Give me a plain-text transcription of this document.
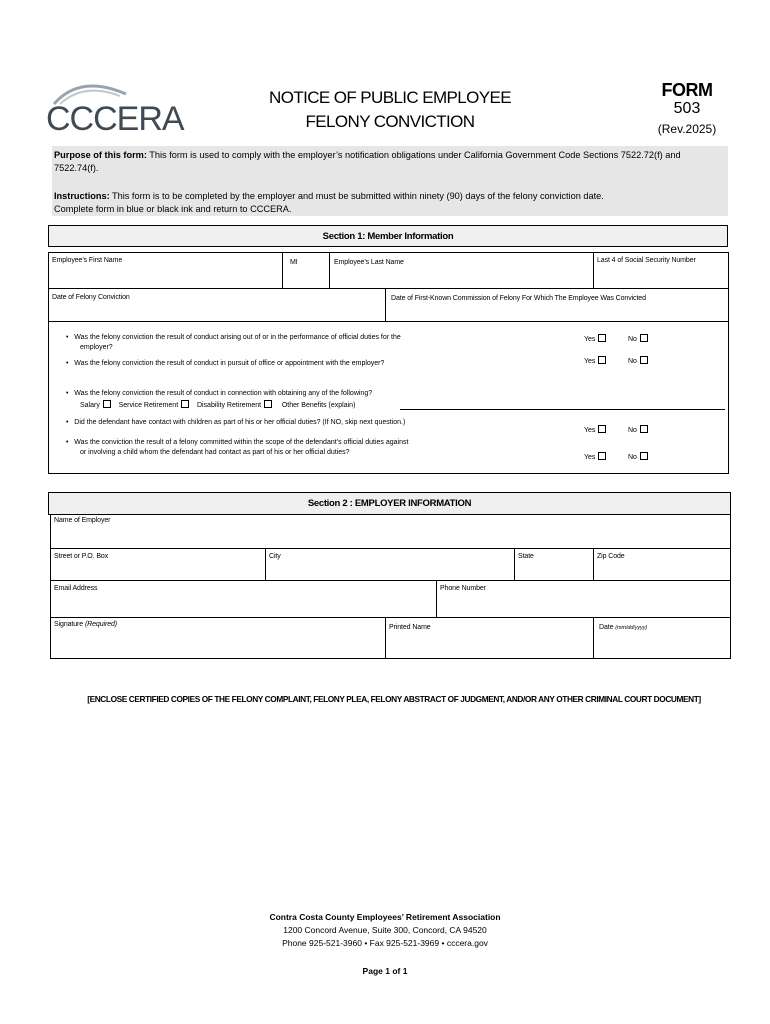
CCCERA
NOTICE OF PUBLIC EMPLOYEE
FELONY CONVICTION
FORM
503
(Rev.2025)
Purpose of this form: This form is used to comply with the employer’s notification obligations under California Government Code Sections 7522.72(f) and 7522.74(f).
Instructions: This form is to be completed by the employer and must be submitted within ninety (90) days of the felony conviction date.
Complete form in blue or black ink and return to CCCERA.
Section 1: Member Information
Employee’s First Name	MI	Employee’s Last Name	Last 4 of Social Security Number
Date of Felony Conviction	Date of First-Known Commission of Felony For Which The Employee Was Convicted
•   Was the felony conviction the result of conduct arising out of or in the performance of official duties for the
employer?
Yes	No
•   Was the felony conviction the result of conduct in pursuit of office or appointment with the employer?	Yes	No
•   Was the felony conviction the result of conduct in connection with obtaining any of the following?
Salary	Service Retirement	Disability Retirement	Other Benefits (explain)
•   Did the defendant have contact with children as part of his or her official duties? (If NO, skip next question.)
Yes	No
•   Was the conviction the result of a felony committed within the scope of the defendant’s official duties against
or involving a child whom the defendant had contact as part of his or her official duties?
Yes	No
Section 2 : EMPLOYER INFORMATION
Name of Employer
Street or P.O. Box	City	State	Zip Code
Email Address	Phone Number
Signature (Required)	Printed Name	Date (mm/dd/yyyy)
[ENCLOSE CERTIFIED COPIES OF THE FELONY COMPLAINT, FELONY PLEA, FELONY ABSTRACT OF JUDGMENT, AND/OR ANY OTHER CRIMINAL COURT DOCUMENT]
Contra Costa County Employees’ Retirement Association
1200 Concord Avenue, Suite 300, Concord, CA 94520
Phone 925-521-3960 • Fax 925-521-3969 • cccera.gov
Page 1 of 1
